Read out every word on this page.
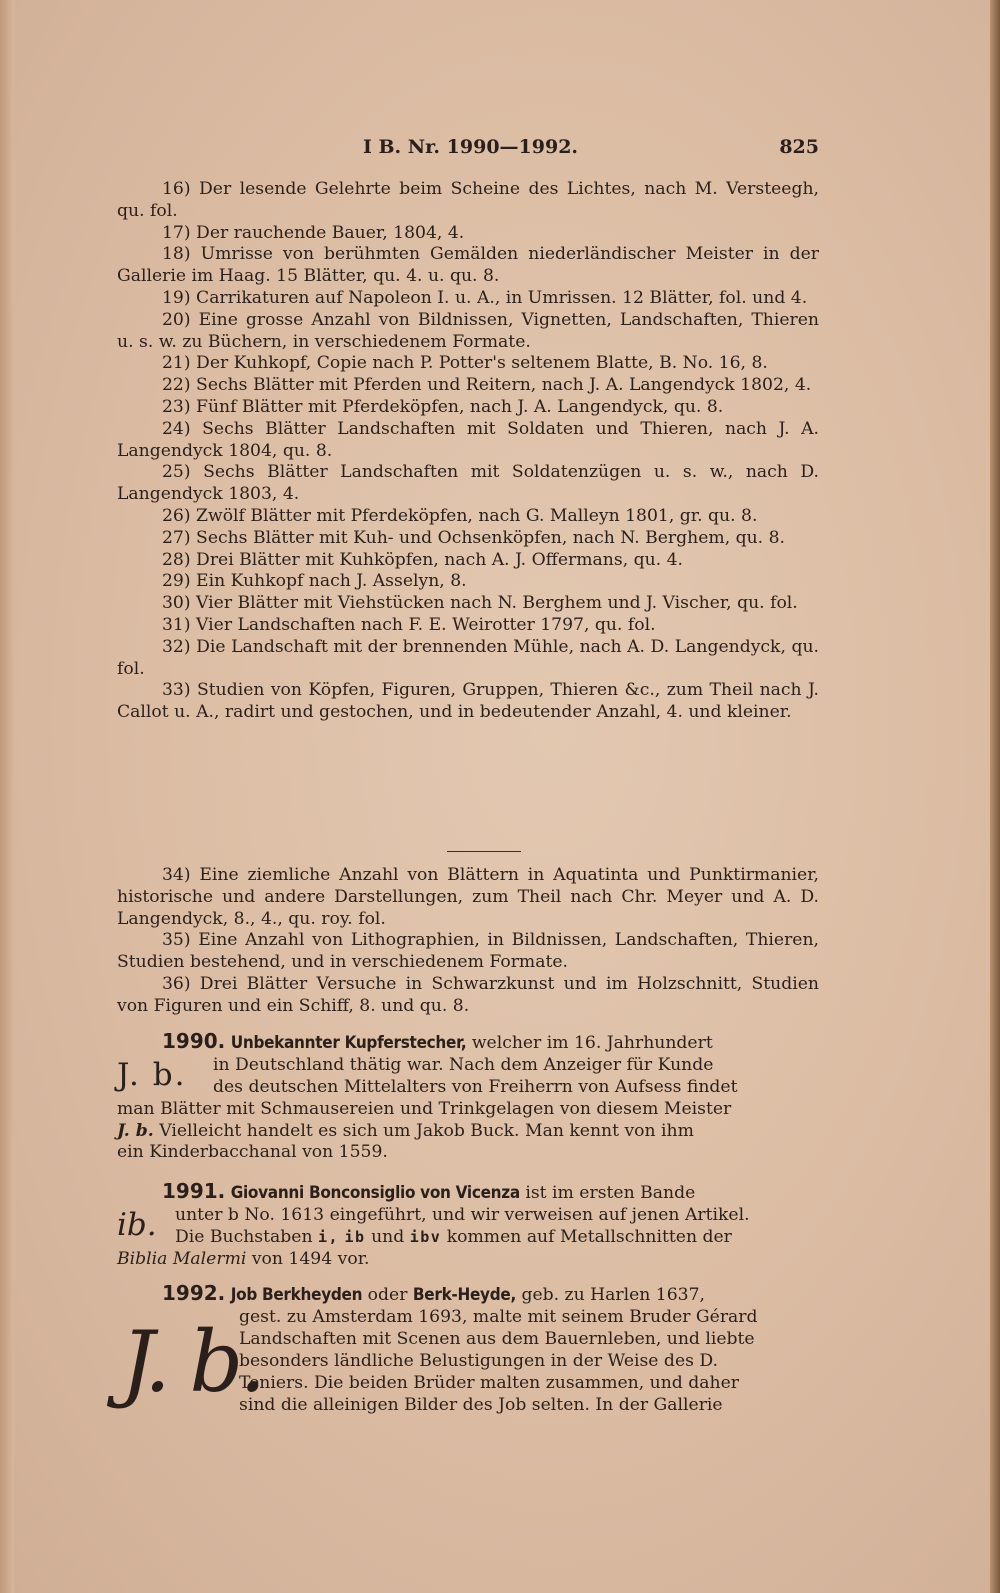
I B. Nr. 1990—1992.	825

16) Der lesende Gelehrte beim Scheine des Lichtes, nach M. Versteegh, qu. fol.

17) Der rauchende Bauer, 1804, 4.

18) Umrisse von berühmten Gemälden niederländischer Meister in der Gallerie im Haag. 15 Blätter, qu. 4. u. qu. 8.

19) Carrikaturen auf Napoleon I. u. A., in Umrissen. 12 Blätter, fol. und 4.

20) Eine grosse Anzahl von Bildnissen, Vignetten, Landschaften, Thieren u. s. w. zu Büchern, in verschiedenem Formate.

21) Der Kuhkopf, Copie nach P. Potter's seltenem Blatte, B. No. 16, 8.

22) Sechs Blätter mit Pferden und Reitern, nach J. A. Langendyck 1802, 4.

23) Fünf Blätter mit Pferdeköpfen, nach J. A. Langendyck, qu. 8.

24) Sechs Blätter Landschaften mit Soldaten und Thieren, nach J. A. Langendyck 1804, qu. 8.

25) Sechs Blätter Landschaften mit Soldatenzügen u. s. w., nach D. Langendyck 1803, 4.

26) Zwölf Blätter mit Pferdeköpfen, nach G. Malleyn 1801, gr. qu. 8.

27) Sechs Blätter mit Kuh- und Ochsenköpfen, nach N. Berghem, qu. 8.

28) Drei Blätter mit Kuhköpfen, nach A. J. Offermans, qu. 4.

29) Ein Kuhkopf nach J. Asselyn, 8.

30) Vier Blätter mit Viehstücken nach N. Berghem und J. Vischer, qu. fol.

31) Vier Landschaften nach F. E. Weirotter 1797, qu. fol.

32) Die Landschaft mit der brennenden Mühle, nach A. D. Langendyck, qu. fol.

33) Studien von Köpfen, Figuren, Gruppen, Thieren &c., zum Theil nach J. Callot u. A., radirt und gestochen, und in bedeutender Anzahl, 4. und kleiner.

34) Eine ziemliche Anzahl von Blättern in Aquatinta und Punktirmanier, historische und andere Darstellungen, zum Theil nach Chr. Meyer und A. D. Langendyck, 8., 4., qu. roy. fol.

35) Eine Anzahl von Lithographien, in Bildnissen, Landschaften, Thieren, Studien bestehend, und in verschiedenem Formate.

36) Drei Blätter Versuche in Schwarzkunst und im Holzschnitt, Studien von Figuren und ein Schiff, 8. und qu. 8.

1990. Unbekannter Kupferstecher, welcher im 16. Jahrhundert
J. b. in Deutschland thätig war. Nach dem Anzeiger für Kunde
des deutschen Mittelalters von Freiherrn von Aufsess findet
man Blätter mit Schmausereien und Trinkgelagen von diesem Meister
J. b. Vielleicht handelt es sich um Jakob Buck. Man kennt von ihm
ein Kinderbacchanal von 1559.
1991. Giovanni Bonconsiglio von Vicenza ist im ersten Bande
ib. unter b No. 1613 eingeführt, und wir verweisen auf jenen Artikel.
Die Buchstaben i, ib und ibv kommen auf Metallschnitten der
Biblia Malermi von 1494 vor.
1992. Job Berkheyden oder Berk-Heyde, geb. zu Harlen 1637,
J. b.
gest. zu Amsterdam 1693, malte mit seinem Bruder Gérard
Landschaften mit Scenen aus dem Bauernleben, und liebte
besonders ländliche Belustigungen in der Weise des D.
Teniers. Die beiden Brüder malten zusammen, und daher
sind die alleinigen Bilder des Job selten. In der Gallerie
